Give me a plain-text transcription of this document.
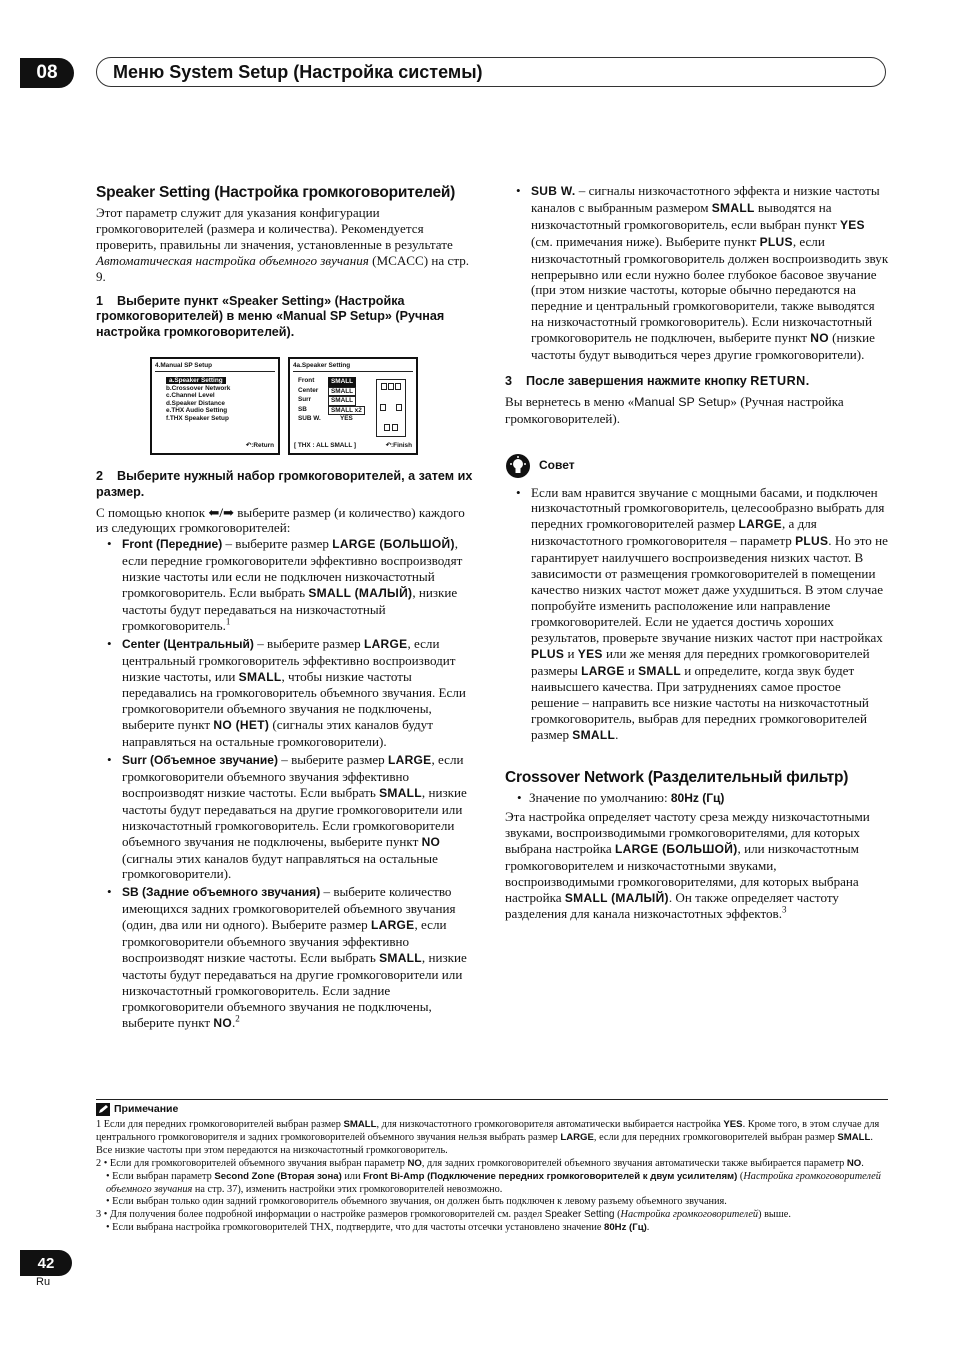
08	Меню System Setup (Настройка системы)
Speaker Setting (Настройка громкоговорителей)

Этот параметр служит для указания конфигурации громкоговорителей (размера и количества). Рекомендуется проверить, правильны ли значения, установленные в результате Автоматическая настройка объемного звучания (MCACC) на стр. 9.

1 Выберите пункт «Speaker Setting» (Настройка громкоговорителей) в меню «Manual SP Setup» (Ручная настройка громкоговорителей).
4.Manual SP Setup
a.Speaker Setting
b.Crossover Network
c.Channel Level
d.Speaker Distance
e.THX Audio Setting
f.THX Speaker Setup
↶:Return
4a.Speaker Setting
Front	SMALL
Center	SMALL
Surr	SMALL
SB	SMALL x2
SUB W.	YES
[ THX : ALL SMALL ]	↶:Finish
2 Выберите нужный набор громкоговорителей, а затем их размер.

С помощью кнопок ⬅/➡ выберите размер (и количество) каждого из следующих громкоговорителей:

• Front (Передние) – выберите размер LARGE (БОЛЬШОЙ), если передние громкоговорители эффективно воспроизводят низкие частоты или если не подключен низкочастотный громкоговоритель. Если выбрать SMALL (МАЛЫЙ), низкие частоты будут передаваться на низкочастотный громкоговоритель.$^1$
• Center (Центральный) – выберите размер LARGE, если центральный громкоговоритель эффективно воспроизводит низкие частоты, или SMALL, чтобы низкие частоты передавались на громкоговоритель объемного звучания. Если громкоговорители объемного звучания не подключены, выберите пункт NO (НЕТ) (сигналы этих каналов будут направляться на остальные громкоговорители).
• Surr (Объемное звучание) – выберите размер LARGE, если громкоговорители объемного звучания эффективно воспроизводят низкие частоты. Если выбрать SMALL, низкие частоты будут передаваться на другие громкоговорители или низкочастотный громкоговоритель. Если громкоговорители объемного звучания не подключены, выберите пункт NO (сигналы этих каналов будут направляться на остальные громкоговорители).
• SB (Задние объемного звучания) – выберите количество имеющихся задних громкоговорителей объемного звучания (один, два или ни одного). Выберите размер LARGE, если громкоговорители объемного звучания эффективно воспроизводят низкие частоты. Если выбрать SMALL, низкие частоты будут передаваться на другие громкоговорители или низкочастотный громкоговоритель. Если задние громкоговорители объемного звучания не подключены, выберите пункт NO.$^2$
• SUB W. – сигналы низкочастотного эффекта и низкие частоты каналов с выбранным размером SMALL выводятся на низкочастотный громкоговоритель, если выбран пункт YES (см. примечания ниже). Выберите пункт PLUS, если низкочастотный громкоговоритель должен воспроизводить звук непрерывно или если нужно более глубокое басовое звучание (при этом низкие частоты, которые обычно передаются на передние и центральный громкоговорители, также выводятся на низкочастотный громкоговоритель). Если низкочастотный громкоговоритель не подключен, выберите пункт NO (низкие частоты будут выводиться через другие громкоговорители).
3 После завершения нажмите кнопку RETURN.

Вы вернетесь в меню «Manual SP Setup» (Ручная настройка громкоговорителей).

Совет
• Если вам нравится звучание с мощными басами, и подключен низкочастотный громкоговоритель, целесообразно выбрать для передних громкоговорителей размер LARGE, а для низкочастотного громкоговорителя – параметр PLUS. Но это не гарантирует наилучшего воспроизведения низких частот. В зависимости от размещения громкоговорителей в помещении качество низких частот может даже ухудшиться. В этом случае попробуйте изменить расположение или направление громкоговорителей. Если не удается достичь хороших результатов, проверьте звучание низких частот при настройках PLUS и YES или же меняя для передних громкоговорителей размеры LARGE и SMALL и определите, когда звук будет наивысшего качества. При затруднениях самое простое решение – направить все низкие частоты на низкочастотный громкоговоритель, выбрав для передних громкоговорителей размер SMALL.
Crossover Network (Разделительный фильтр)
• Значение по умолчанию: 80Hz (Гц)

Эта настройка определяет частоту среза между низкочастотными звуками, воспроизводимыми громкоговорителями, для которых выбрана настройка LARGE (БОЛЬШОЙ), или низкочастотным громкоговорителем и низкочастотными звуками, воспроизводимыми громкоговорителями, для которых выбрана настройка SMALL (МАЛЫЙ). Он также определяет частоту разделения для канала низкочастотных эффектов.$^3$

Примечание

1 Если для передних громкоговорителей выбран размер SMALL, для низкочастотного громкоговорителя автоматически выбирается настройка YES. Кроме того, в этом случае для центрального громкоговорителя и задних громкоговорителей объемного звучания нельзя выбрать размер LARGE, если для передних громкоговорителей выбран размер SMALL. Все низкие частоты при этом передаются на низкочастотный громкоговоритель.

2 • Если для громкоговорителей объемного звучания выбран параметр NO, для задних громкоговорителей объемного звучания автоматически также выбирается параметр NO.

• Если выбран параметр Second Zone (Вторая зона) или Front Bi-Amp (Подключение передних громкоговорителей к двум усилителям) (Настройка громкоговорителей объемного звучания на стр. 37), изменить настройки этих громкоговорителей невозможно.

• Если выбран только один задний громкоговоритель объемного звучания, он должен быть подключен к левому разъему объемного звучания.

3 • Для получения более подробной информации о настройке размеров громкоговорителей см. раздел Speaker Setting (Настройка громкоговорителей) выше.

• Если выбрана настройка громкоговорителей THX, подтвердите, что для частоты отсечки установлено значение 80Hz (Гц).

42
Ru
